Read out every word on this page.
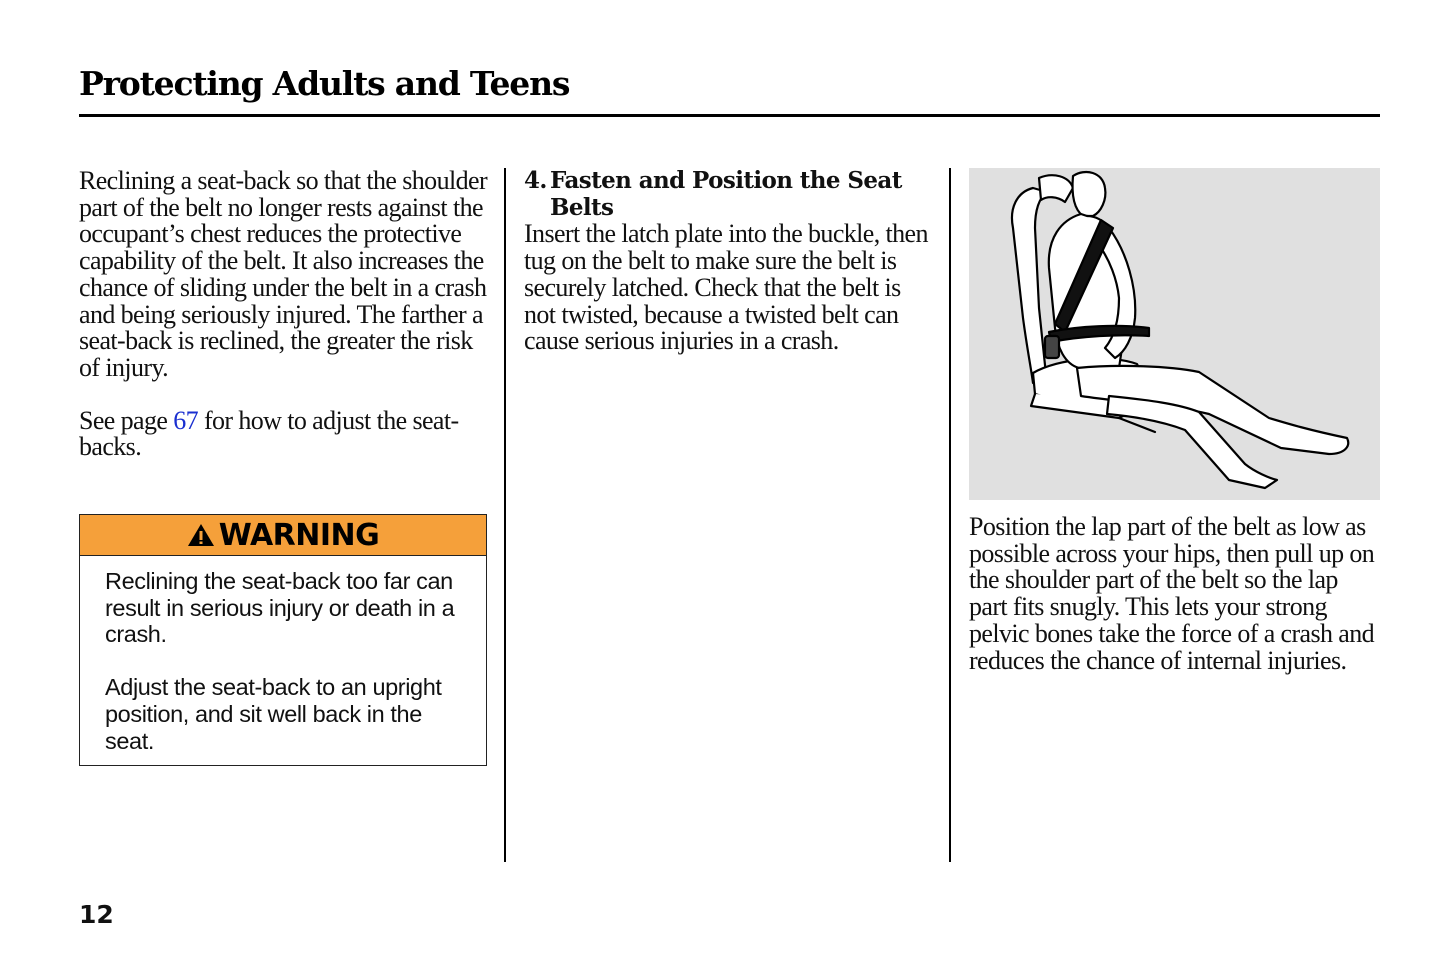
Protecting Adults and Teens

Reclining a seat-back so that the shoulder part of the belt no longer rests against the occupant’s chest reduces the protective capability of the belt. It also increases the chance of sliding under the belt in a crash and being seriously injured. The farther a seat-back is reclined, the greater the risk of injury.

See page 67 for how to adjust the seat-backs.

WARNING

Reclining the seat-back too far can result in serious injury or death in a crash.

Adjust the seat-back to an upright position, and sit well back in the seat.

4. Fasten and Position the Seat
Belts

Insert the latch plate into the buckle, then tug on the belt to make sure the belt is securely latched. Check that the belt is not twisted, because a twisted belt can cause serious injuries in a crash.

Position the lap part of the belt as low as possible across your hips, then pull up on the shoulder part of the belt so the lap part fits snugly. This lets your strong pelvic bones take the force of a crash and reduces the chance of internal injuries.

12
